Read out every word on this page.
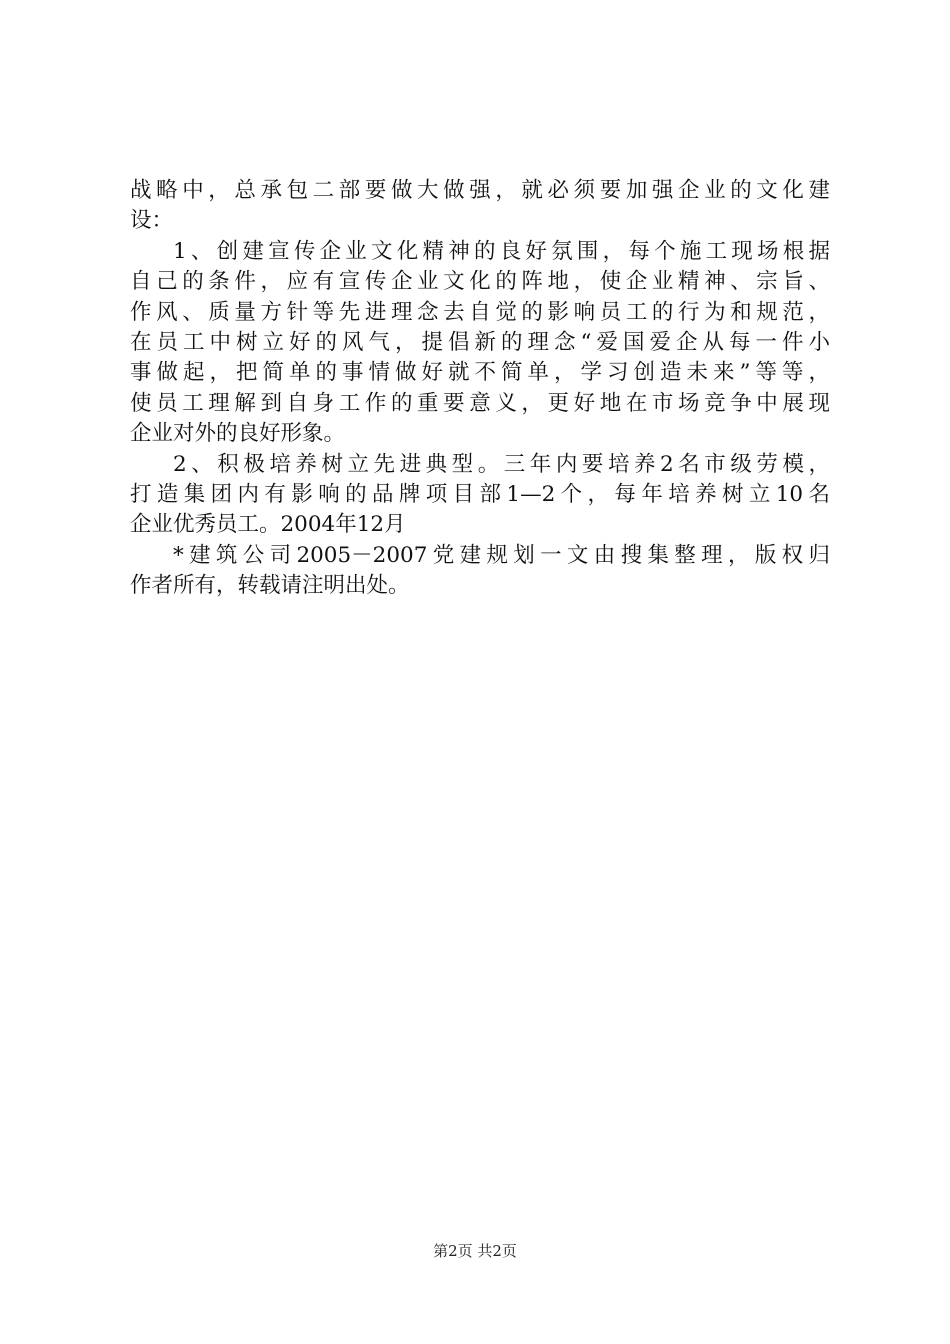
战略中，总承包二部要做大做强，就必须要加强企业的文化建
设：
1、创建宣传企业文化精神的良好氛围，每个施工现场根据
自己的条件，应有宣传企业文化的阵地，使企业精神、宗旨、
作风、质量方针等先进理念去自觉的影响员工的行为和规范，
在员工中树立好的风气，提倡新的理念“爱国爱企从每一件小
事做起，把简单的事情做好就不简单，学习创造未来”等等，
使员工理解到自身工作的重要意义，更好地在市场竞争中展现
企业对外的良好形象。
2、积极培养树立先进典型。三年内要培养2名市级劳模，
打造集团内有影响的品牌项目部1—2个，每年培养树立10名
企业优秀员工。2004年12月
*建筑公司2005－2007党建规划一文由搜集整理，版权归
作者所有，转载请注明出处。
第2页 共2页
